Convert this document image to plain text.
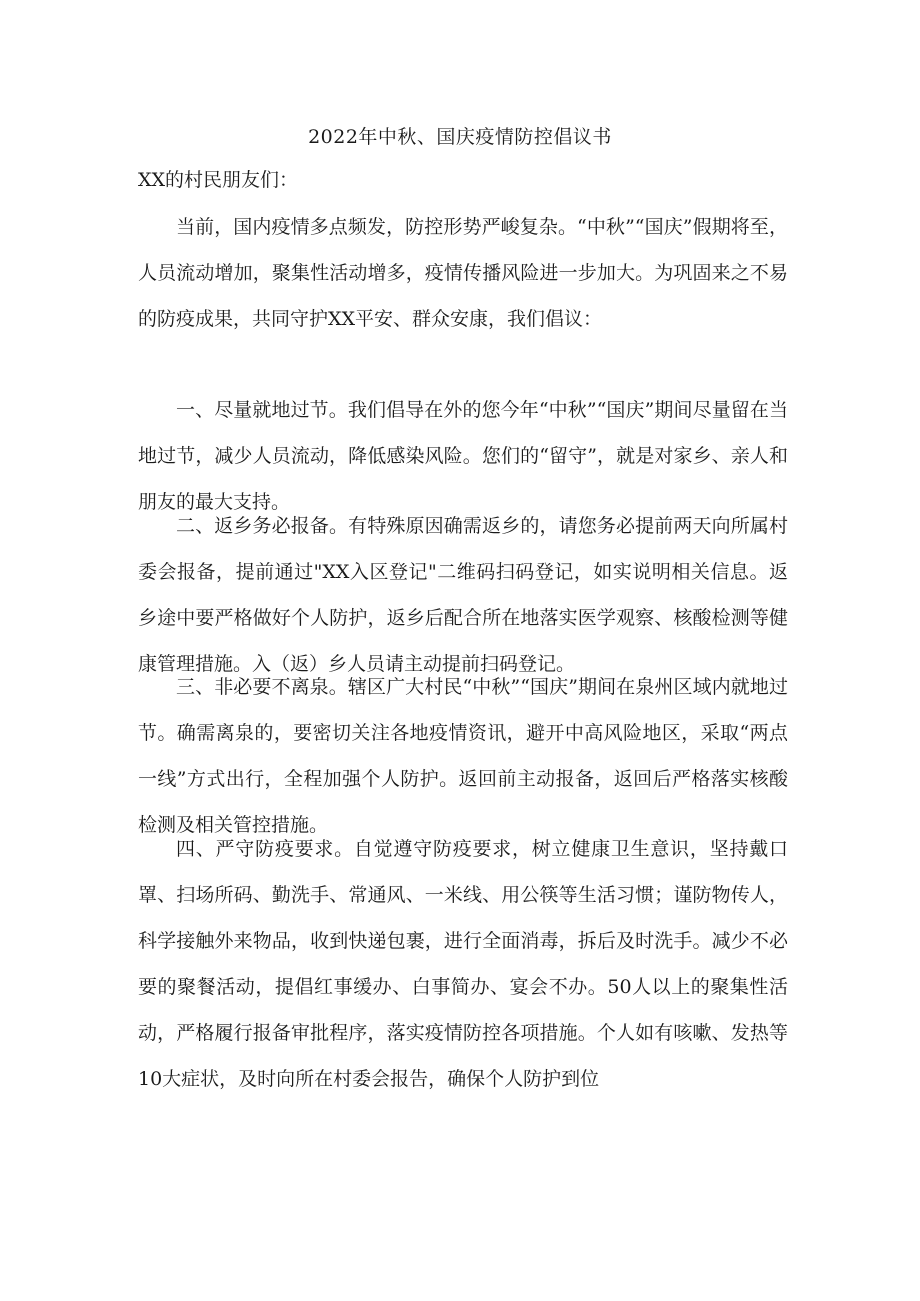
2022年中秋、国庆疫情防控倡议书
XX的村民朋友们：

当前，国内疫情多点频发，防控形势严峻复杂。“中秋”“国庆”假期将至，人员流动增加，聚集性活动增多，疫情传播风险进一步加大。为巩固来之不易的防疫成果，共同守护XX平安、群众安康，我们倡议：

一、尽量就地过节。我们倡导在外的您今年“中秋”“国庆”期间尽量留在当地过节，减少人员流动，降低感染风险。您们的“留守”，就是对家乡、亲人和朋友的最大支持。

二、返乡务必报备。有特殊原因确需返乡的，请您务必提前两天向所属村委会报备，提前通过"XX入区登记"二维码扫码登记，如实说明相关信息。返乡途中要严格做好个人防护，返乡后配合所在地落实医学观察、核酸检测等健康管理措施。入（返）乡人员请主动提前扫码登记。

三、非必要不离泉。辖区广大村民“中秋”“国庆”期间在泉州区域内就地过节。确需离泉的，要密切关注各地疫情资讯，避开中高风险地区，采取“两点一线”方式出行，全程加强个人防护。返回前主动报备，返回后严格落实核酸检测及相关管控措施。

四、严守防疫要求。自觉遵守防疫要求，树立健康卫生意识，坚持戴口罩、扫场所码、勤洗手、常通风、一米线、用公筷等生活习惯；谨防物传人，科学接触外来物品，收到快递包裹，进行全面消毒，拆后及时洗手。减少不必要的聚餐活动，提倡红事缓办、白事简办、宴会不办。50人以上的聚集性活动，严格履行报备审批程序，落实疫情防控各项措施。个人如有咳嗽、发热等10大症状，及时向所在村委会报告，确保个人防护到位
